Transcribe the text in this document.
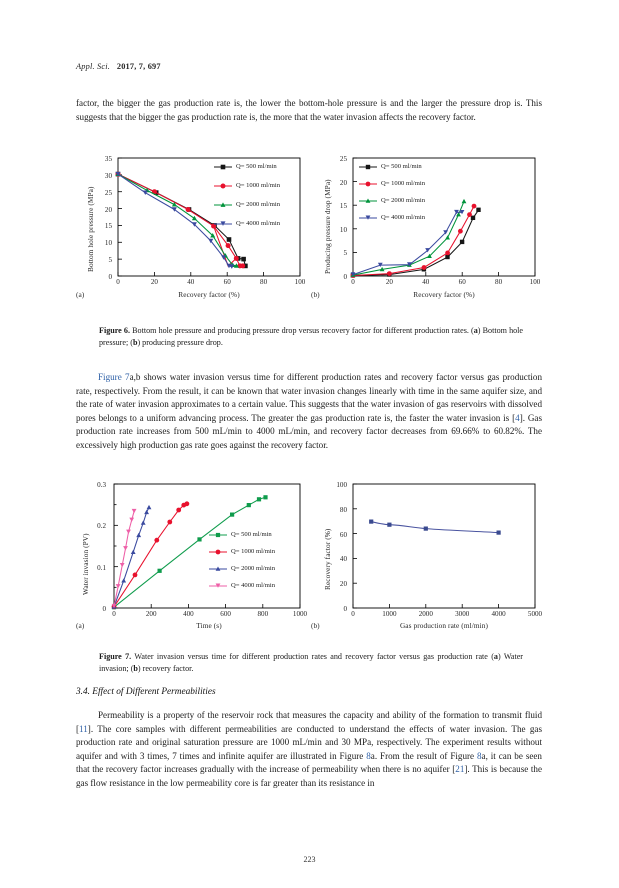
Appl. Sci. 2017, 7, 697
factor, the bigger the gas production rate is, the lower the bottom-hole pressure is and the larger the pressure drop is. This suggests that the bigger the gas production rate is, the more that the water invasion affects the recovery factor.
Q= 500 ml/min
Q= 1000 ml/min
Q= 2000 ml/min
Q= 4000 ml/min
0
5
10
15
20
25
30
35
0	20	40	60	80	100
Bottom hole pressure (MPa)
Recovery factor (%)
(a)
Q= 500 ml/min
Q= 1000 ml/min
Q= 2000 ml/min
Q= 4000 ml/min
0
5
10
15
20
25
0	20	40	60	80	100
Producing pressure drop (MPa)
Recovery factor (%)
(b)
Figure 6. Bottom hole pressure and producing pressure drop versus recovery factor for different production rates. (a) Bottom hole pressure; (b) producing pressure drop.
Figure 7a,b shows water invasion versus time for different production rates and recovery factor versus gas production rate, respectively. From the result, it can be known that water invasion changes linearly with time in the same aquifer size, and the rate of water invasion approximates to a certain value. This suggests that the water invasion of gas reservoirs with dissolved pores belongs to a uniform advancing process. The greater the gas production rate is, the faster the water invasion is [4]. Gas production rate increases from 500 mL/min to 4000 mL/min, and recovery factor decreases from 69.66% to 60.82%. The excessively high production gas rate goes against the recovery factor.
Q= 500 ml/min
Q= 1000 ml/min
Q= 2000 ml/min
Q= 4000 ml/min
0
0.1
0.2
0.3
0	200	400	600	800	1000
Water invasion (PV)
Time (s)
(a)
0
20
40
60
80
100
0	1000	2000	3000	4000	5000
Recovery factor (%)
Gas production rate (ml/min)
(b)
Figure 7. Water invasion versus time for different production rates and recovery factor versus gas production rate (a) Water invasion; (b) recovery factor.
3.4. Effect of Different Permeabilities
Permeability is a property of the reservoir rock that measures the capacity and ability of the formation to transmit fluid [11]. The core samples with different permeabilities are conducted to understand the effects of water invasion. The gas production rate and original saturation pressure are 1000 mL/min and 30 MPa, respectively. The experiment results without aquifer and with 3 times, 7 times and infinite aquifer are illustrated in Figure 8a. From the result of Figure 8a, it can be seen that the recovery factor increases gradually with the increase of permeability when there is no aquifer [21]. This is because the gas flow resistance in the low permeability core is far greater than its resistance in
223
